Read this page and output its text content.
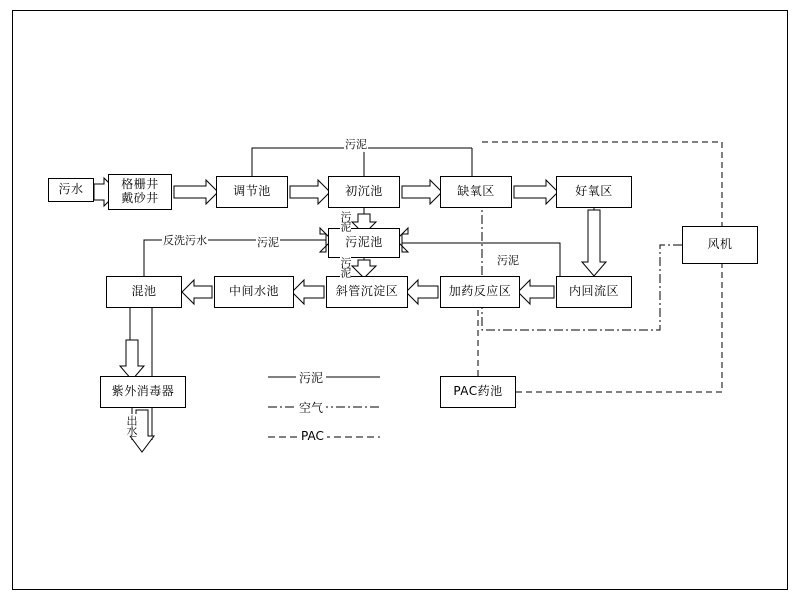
污水	格栅井
戴砂井	调节池	初沉池	缺氧区	好氧区
风机
污泥池
混池	中间水池	斜管沉淀区	加药反应区	内回流区
紫外消毒器	PAC药池
污泥
反洗污水	污泥
污泥
污泥
污泥
出水
污泥
空气
PAC
